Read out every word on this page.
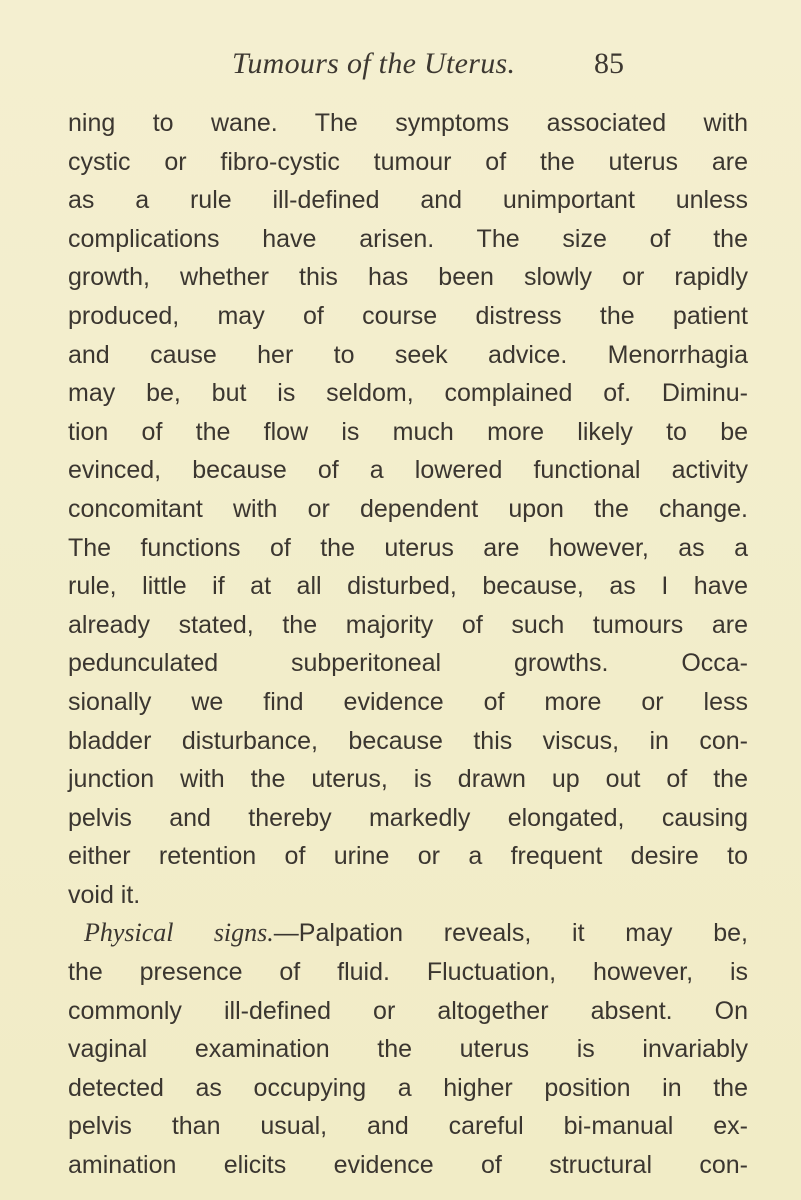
Tumours of the Uterus.	85
ning to wane. The symptoms associated with
cystic or fibro-cystic tumour of the uterus are
as a rule ill-defined and unimportant unless
complications have arisen. The size of the
growth, whether this has been slowly or rapidly
produced, may of course distress the patient
and cause her to seek advice. Menorrhagia
may be, but is seldom, complained of. Diminu-
tion of the flow is much more likely to be
evinced, because of a lowered functional activity
concomitant with or dependent upon the change.
The functions of the uterus are however, as a
rule, little if at all disturbed, because, as I have
already stated, the majority of such tumours are
pedunculated subperitoneal growths. Occa-
sionally we find evidence of more or less
bladder disturbance, because this viscus, in con-
junction with the uterus, is drawn up out of the
pelvis and thereby markedly elongated, causing
either retention of urine or a frequent desire to
void it.
Physical signs.—Palpation reveals, it may be,
the presence of fluid. Fluctuation, however, is
commonly ill-defined or altogether absent. On
vaginal examination the uterus is invariably
detected as occupying a higher position in the
pelvis than usual, and careful bi-manual ex-
amination elicits evidence of structural con-
